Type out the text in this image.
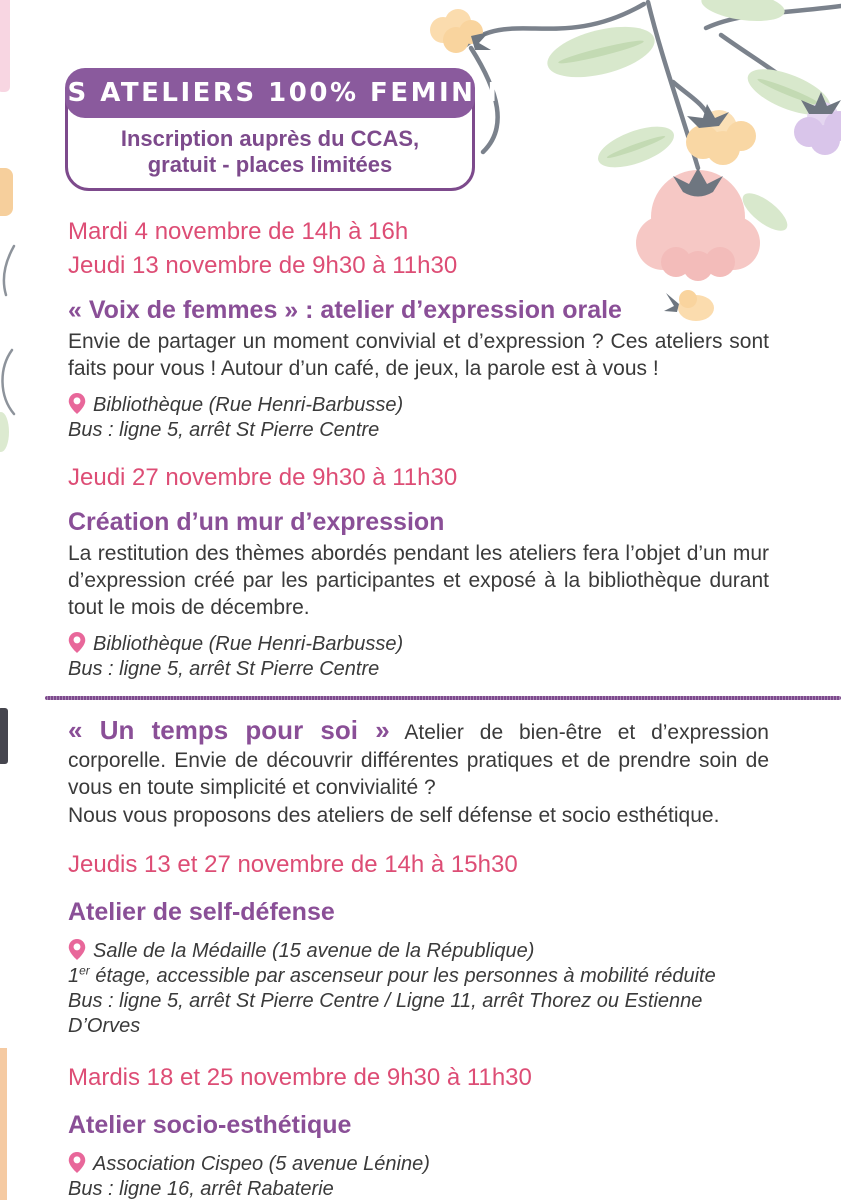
LES ATELIERS 100% FEMININ
Inscription auprès du CCAS,
gratuit - places limitées

Mardi 4 novembre de 14h à 16h
Jeudi 13 novembre de 9h30 à 11h30

« Voix de femmes » : atelier d’expression orale

Envie de partager un moment convivial et d’expression ? Ces ateliers sont faits pour vous ! Autour d’un café, de jeux, la parole est à vous !

Bibliothèque (Rue Henri-Barbusse)
Bus : ligne 5, arrêt St Pierre Centre

Jeudi 27 novembre de 9h30 à 11h30

Création d’un mur d’expression

La restitution des thèmes abordés pendant les ateliers fera l’objet d’un mur d’expression créé par les participantes et exposé à la bibliothèque durant tout le mois de décembre.

Bibliothèque (Rue Henri-Barbusse)
Bus : ligne 5, arrêt St Pierre Centre

« Un temps pour soi » Atelier de bien-être et d’expression corporelle. Envie de découvrir différentes pratiques et de prendre soin de vous en toute simplicité et convivialité ?

Nous vous proposons des ateliers de self défense et socio esthétique.

Jeudis 13 et 27 novembre de 14h à 15h30

Atelier de self-défense

Salle de la Médaille (15 avenue de la République)
1er étage, accessible par ascenseur pour les personnes à mobilité réduite
Bus : ligne 5, arrêt St Pierre Centre / Ligne 11, arrêt Thorez ou Estienne D’Orves

Mardis 18 et 25 novembre de 9h30 à 11h30

Atelier socio-esthétique

Association Cispeo (5 avenue Lénine)
Bus : ligne 16, arrêt Rabaterie
